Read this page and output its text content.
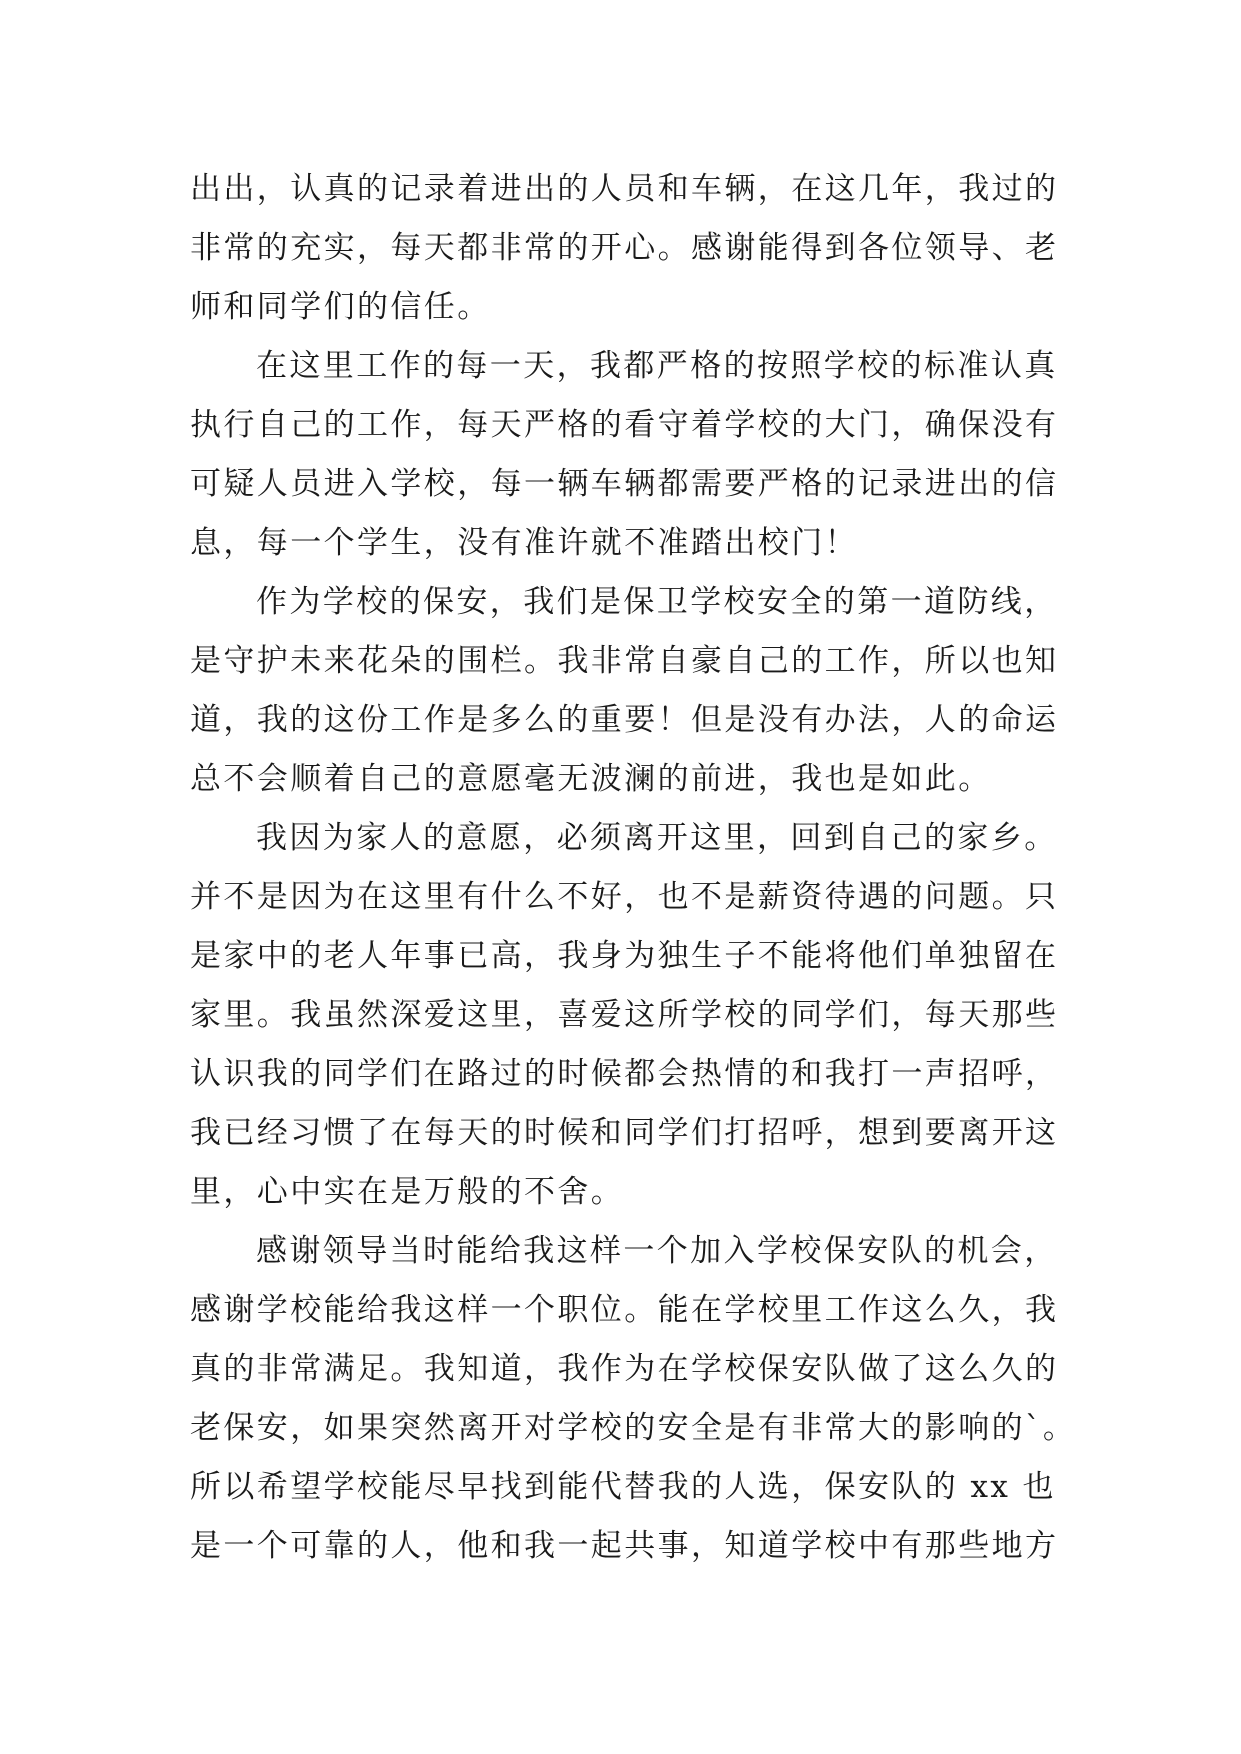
出出，认真的记录着进出的人员和车辆，在这几年，我过的
非常的充实，每天都非常的开心。感谢能得到各位领导、老
师和同学们的信任。
在这里工作的每一天，我都严格的按照学校的标准认真
执行自己的工作，每天严格的看守着学校的大门，确保没有
可疑人员进入学校，每一辆车辆都需要严格的记录进出的信
息，每一个学生，没有准许就不准踏出校门！
作为学校的保安，我们是保卫学校安全的第一道防线，
是守护未来花朵的围栏。我非常自豪自己的工作，所以也知
道，我的这份工作是多么的重要！但是没有办法，人的命运
总不会顺着自己的意愿毫无波澜的前进，我也是如此。
我因为家人的意愿，必须离开这里，回到自己的家乡。
并不是因为在这里有什么不好，也不是薪资待遇的问题。只
是家中的老人年事已高，我身为独生子不能将他们单独留在
家里。我虽然深爱这里，喜爱这所学校的同学们，每天那些
认识我的同学们在路过的时候都会热情的和我打一声招呼，
我已经习惯了在每天的时候和同学们打招呼，想到要离开这
里，心中实在是万般的不舍。
感谢领导当时能给我这样一个加入学校保安队的机会，
感谢学校能给我这样一个职位。能在学校里工作这么久，我
真的非常满足。我知道，我作为在学校保安队做了这么久的
老保安，如果突然离开对学校的安全是有非常大的影响的`。
所以希望学校能尽早找到能代替我的人选，保安队的 xx 也
是一个可靠的人，他和我一起共事，知道学校中有那些地方
